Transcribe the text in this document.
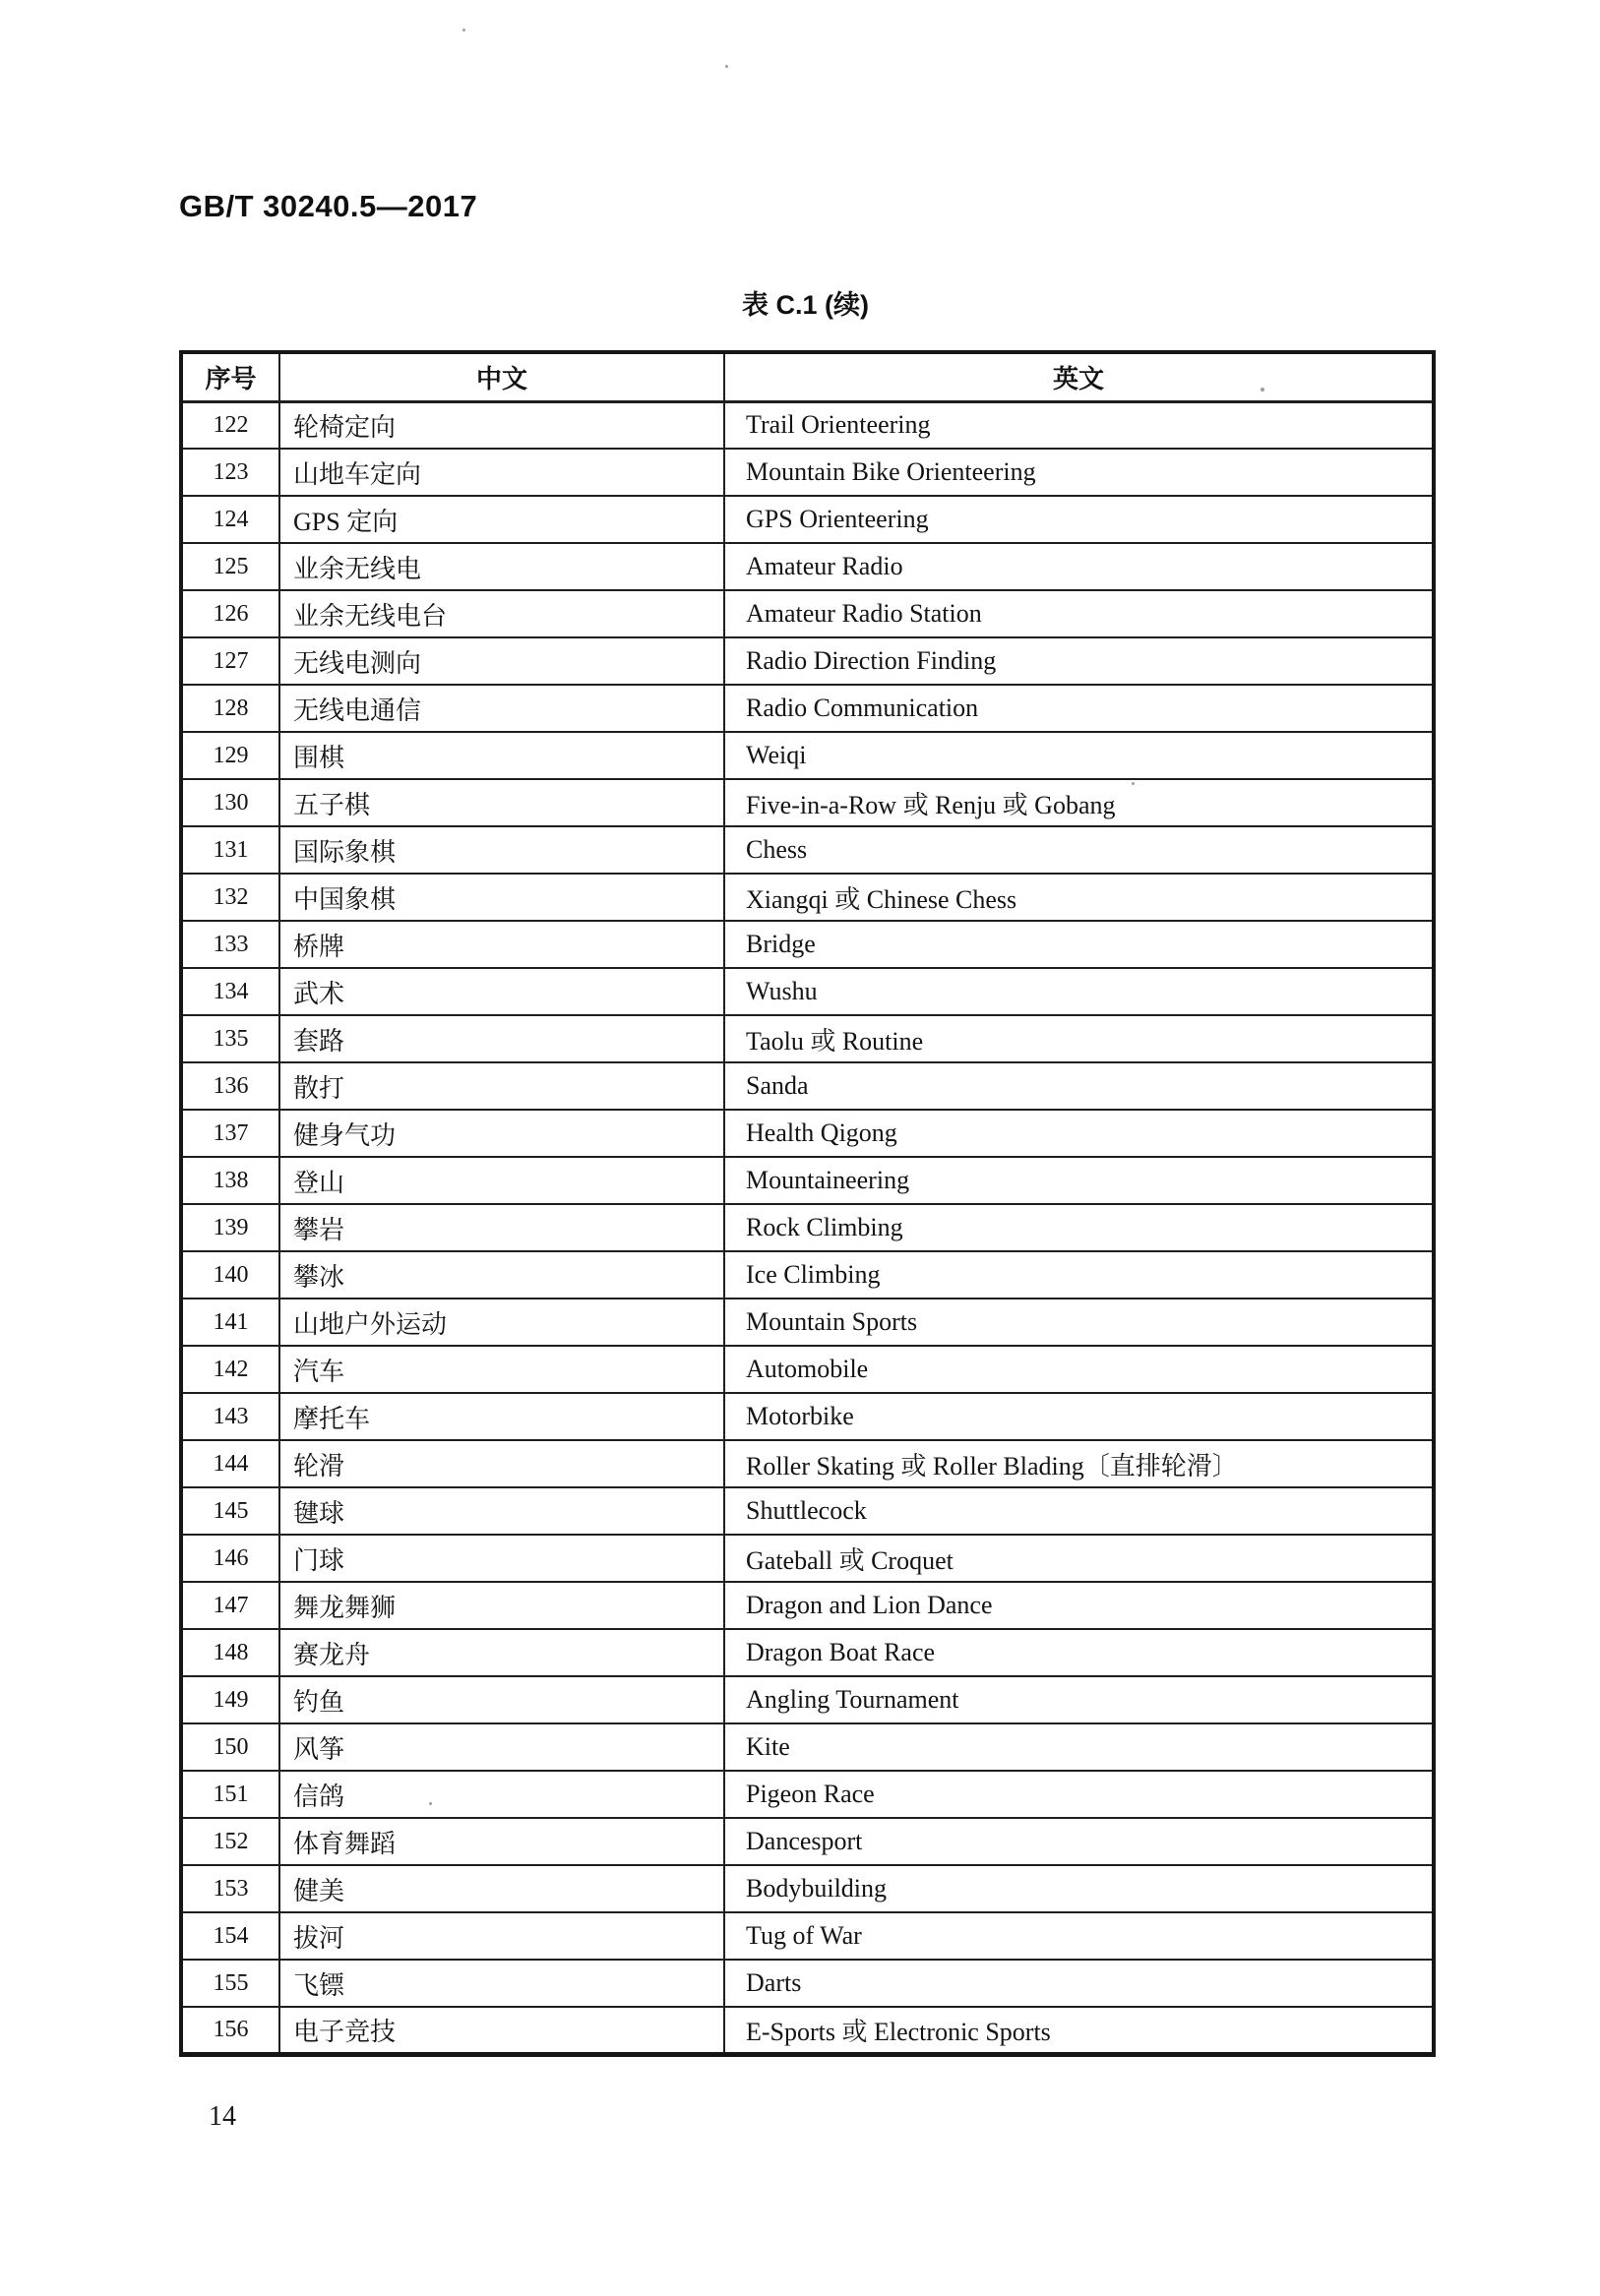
GB/T 30240.5—2017
表 C.1 (续)
序号	中文	英文
122	轮椅定向	Trail Orienteering
123	山地车定向	Mountain Bike Orienteering
124	GPS 定向	GPS Orienteering
125	业余无线电	Amateur Radio
126	业余无线电台	Amateur Radio Station
127	无线电测向	Radio Direction Finding
128	无线电通信	Radio Communication
129	围棋	Weiqi
130	五子棋	Five-in-a-Row 或 Renju 或 Gobang
131	国际象棋	Chess
132	中国象棋	Xiangqi 或 Chinese Chess
133	桥牌	Bridge
134	武术	Wushu
135	套路	Taolu 或 Routine
136	散打	Sanda
137	健身气功	Health Qigong
138	登山	Mountaineering
139	攀岩	Rock Climbing
140	攀冰	Ice Climbing
141	山地户外运动	Mountain Sports
142	汽车	Automobile
143	摩托车	Motorbike
144	轮滑	Roller Skating 或 Roller Blading〔直排轮滑〕
145	毽球	Shuttlecock
146	门球	Gateball 或 Croquet
147	舞龙舞狮	Dragon and Lion Dance
148	赛龙舟	Dragon Boat Race
149	钓鱼	Angling Tournament
150	风筝	Kite
151	信鸽	Pigeon Race
152	体育舞蹈	Dancesport
153	健美	Bodybuilding
154	拔河	Tug of War
155	飞镖	Darts
156	电子竞技	E-Sports 或 Electronic Sports
14
